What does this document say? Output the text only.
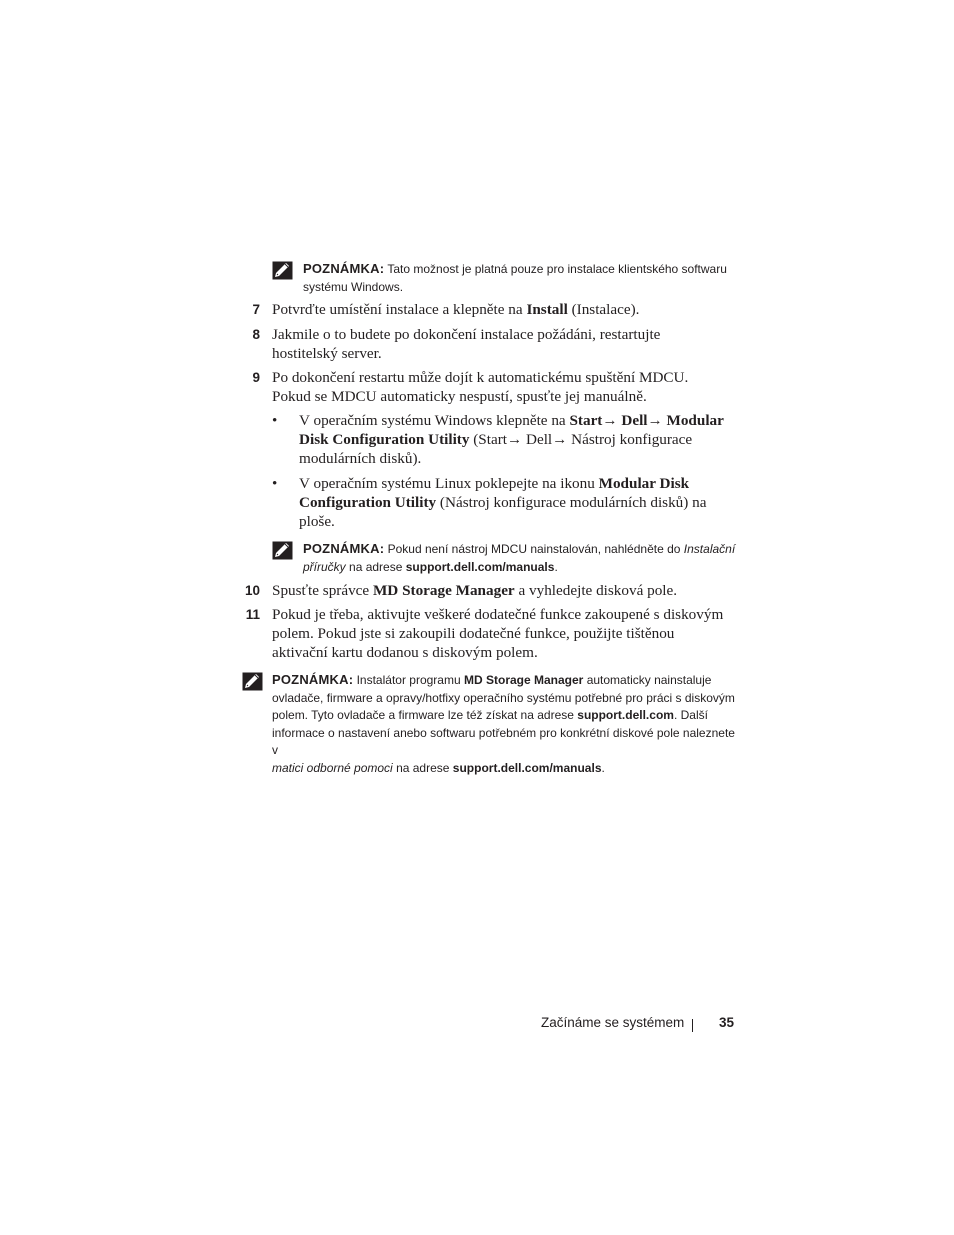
POZNÁMKA: Tato možnost je platná pouze pro instalace klientského softwaru
systému Windows.
7 Potvrďte umístění instalace a klepněte na Install (Instalace).
8 Jakmile o to budete po dokončení instalace požádáni, restartujte
hostitelský server.
9 Po dokončení restartu může dojít k automatickému spuštění MDCU.
Pokud se MDCU automaticky nespustí, spusťte jej manuálně.
• V operačním systému Windows klepněte na Start→ Dell→ Modular
Disk Configuration Utility (Start→ Dell→ Nástroj konfigurace
modulárních disků).
• V operačním systému Linux poklepejte na ikonu Modular Disk
Configuration Utility (Nástroj konfigurace modulárních disků) na
ploše.
POZNÁMKA: Pokud není nástroj MDCU nainstalován, nahlédněte do Instalační
příručky na adrese support.dell.com/manuals.
10 Spusťte správce MD Storage Manager a vyhledejte disková pole.
11 Pokud je třeba, aktivujte veškeré dodatečné funkce zakoupené s diskovým
polem. Pokud jste si zakoupili dodatečné funkce, použijte tištěnou
aktivační kartu dodanou s diskovým polem.
POZNÁMKA: Instalátor programu MD Storage Manager automaticky nainstaluje
ovladače, firmware a opravy/hotfixy operačního systému potřebné pro práci s diskovým
polem. Tyto ovladače a firmware lze též získat na adrese support.dell.com. Další
informace o nastavení anebo softwaru potřebném pro konkrétní diskové pole naleznete v
matici odborné pomoci na adrese support.dell.com/manuals.
Začínáme se systémem	35
